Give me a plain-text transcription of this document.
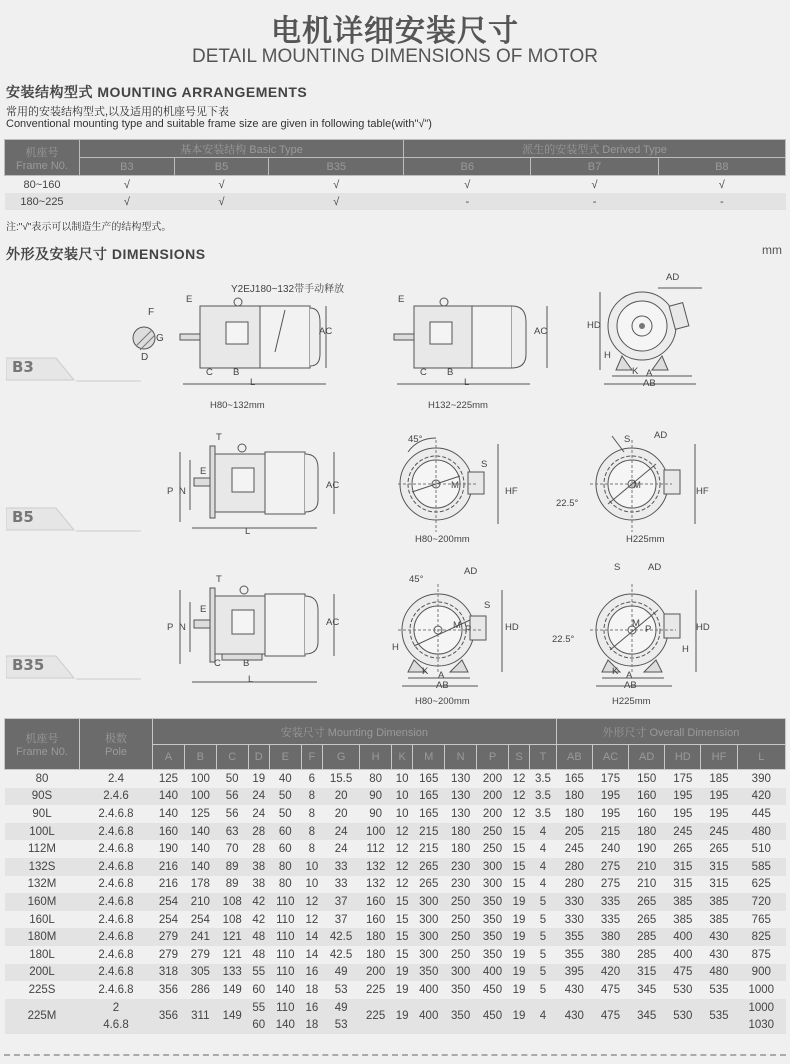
电机详细安装尺寸
DETAIL MOUNTING DIMENSIONS OF MOTOR
安装结构型式 MOUNTING ARRANGEMENTS
常用的安装结构型式,以及适用的机座号见下表
Conventional mounting type and suitable frame size are given in following table(with"√")
机座号
Frame N0.	基本安装结构 Basic Type			派生的安装型式 Derived Type		
	B3	B5	B35	B6	B7	B8
80~160	√	√	√	√	√	√
180~225	√	√	√	-	-	-
注:"√"表示可以制造生产的结构型式。
外形及安装尺寸 DIMENSIONS	mm
B3
B5
B35
F
G
D
Y2EJ180~132带手动释放
E
AC
C B
L
H80~132mm
E
AC
C B
L
H132~225mm
AD
HD
H
K A
AB
T
E
P N
AC
L
45°
S
M
HF
H80~200mm
S AD
M
22.5°
HF
H225mm
T
E
P N	AC
C B
L
45°
AD
S
M P
H
HD
K A
AB
H80~200mm
S	AD
M
P
22.5°
H
HD
K A
AB
H225mm
机座号
Frame N0.

极数
Pole
	安装尺寸 Mounting Dimension	外形尺寸 Overall Dimension
		A	B	C	D	E	F	G	H	K	M	N	P	S	T	AB	AC	AD	HD	HF	L
80	2.4	125	100	50	19	40	6	15.5	80	10	165	130	200	12	3.5	165	175	150	175	185	390
90S	2.4.6	140	100	56	24	50	8	20	90	10	165	130	200	12	3.5	180	195	160	195	195	420
90L	2.4.6.8	140	125	56	24	50	8	20	90	10	165	130	200	12	3.5	180	195	160	195	195	445
100L	2.4.6.8	160	140	63	28	60	8	24	100	12	215	180	250	15	4	205	215	180	245	245	480
112M	2.4.6.8	190	140	70	28	60	8	24	112	12	215	180	250	15	4	245	240	190	265	265	510
132S	2.4.6.8	216	140	89	38	80	10	33	132	12	265	230	300	15	4	280	275	210	315	315	585
132M	2.4.6.8	216	178	89	38	80	10	33	132	12	265	230	300	15	4	280	275	210	315	315	625
160M	2.4.6.8	254	210	108	42	110	12	37	160	15	300	250	350	19	5	330	335	265	385	385	720
160L	2.4.6.8	254	254	108	42	110	12	37	160	15	300	250	350	19	5	330	335	265	385	385	765
180M	2.4.6.8	279	241	121	48	110	14	42.5	180	15	300	250	350	19	5	355	380	285	400	430	825
180L	2.4.6.8	279	279	121	48	110	14	42.5	180	15	300	250	350	19	5	355	380	285	400	430	875
200L	2.4.6.8	318	305	133	55	110	16	49	200	19	350	300	400	19	5	395	420	315	475	480	900
225S	2.4.6.8	356	286	149	60	140	18	53	225	19	400	350	450	19	5	430	475	345	530	535	1000
225M	2	356	311	149	55	110	16	49	225	19	400	350	450	19	4	430	475	345	530	535	1000
	4.6.8				60	140	18	53													1030
